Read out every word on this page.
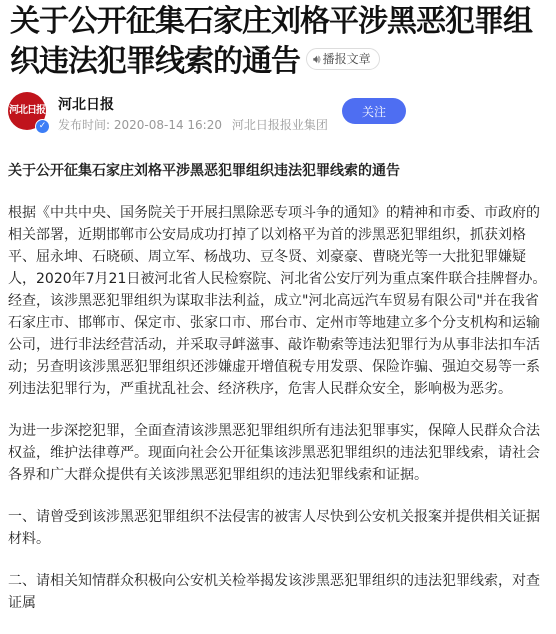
关于公开征集石家庄刘格平涉黑恶犯罪组
织违法犯罪线索的通告 🔊︎ 播报文章
河北日报
✓
河北日报
发布时间: 2020-08-14 16:20 河北日报报业集团
关注

关于公开征集石家庄刘格平涉黑恶犯罪组织违法犯罪线索的通告

根据《中共中央、国务院关于开展扫黑除恶专项斗争的通知》的精神和市委、市政府的相关部署，近期邯郸市公安局成功打掉了以刘格平为首的涉黑恶犯罪组织，抓获刘格平、屈永坤、石晓硕、周立军、杨战功、豆冬贤、刘豪豪、曹晓光等一大批犯罪嫌疑人，2020年7月21日被河北省人民检察院、河北省公安厅列为重点案件联合挂牌督办。经查，该涉黑恶犯罪组织为谋取非法利益，成立"河北高远汽车贸易有限公司"并在我省石家庄市、邯郸市、保定市、张家口市、邢台市、定州市等地建立多个分支机构和运输公司，进行非法经营活动，并采取寻衅滋事、敲诈勒索等违法犯罪行为从事非法扣车活动；另查明该涉黑恶犯罪组织还涉嫌虚开增值税专用发票、保险诈骗、强迫交易等一系列违法犯罪行为，严重扰乱社会、经济秩序，危害人民群众安全，影响极为恶劣。

为进一步深挖犯罪，全面查清该涉黑恶犯罪组织所有违法犯罪事实，保障人民群众合法权益，维护法律尊严。现面向社会公开征集该涉黑恶犯罪组织的违法犯罪线索，请社会各界和广大群众提供有关该涉黑恶犯罪组织的违法犯罪线索和证据。

一、请曾受到该涉黑恶犯罪组织不法侵害的被害人尽快到公安机关报案并提供相关证据材料。

二、请相关知情群众积极向公安机关检举揭发该涉黑恶犯罪组织的违法犯罪线索，对查证属
